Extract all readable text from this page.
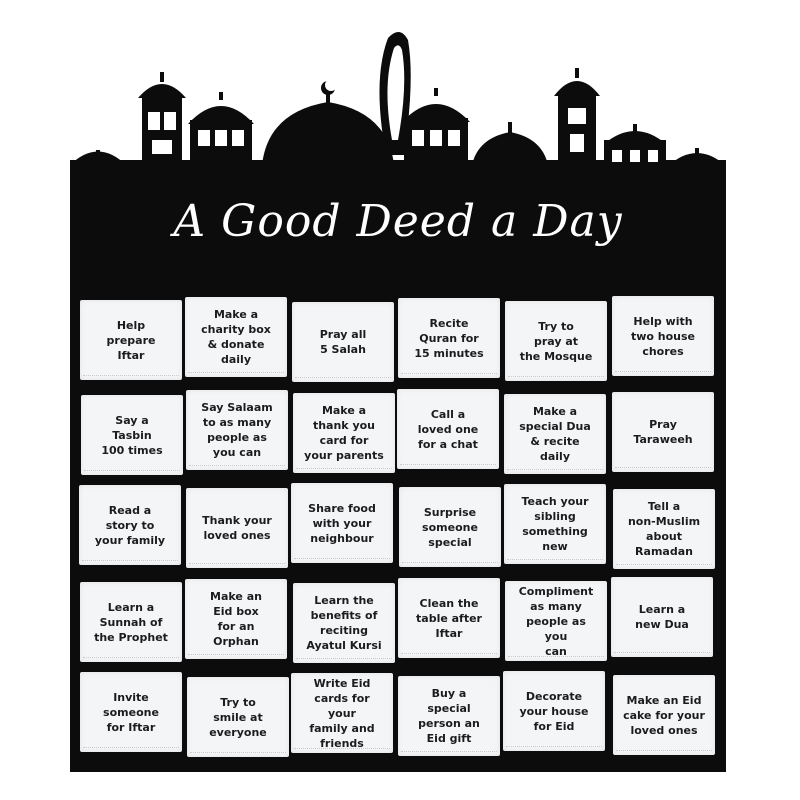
A Good Deed a Day
Help
prepare
Iftar
Make a
charity box
& donate
daily
Pray all
5 Salah
Recite
Quran for
15 minutes
Try to
pray at
the Mosque
Help with
two house
chores
Say a
Tasbin
100 times
Say Salaam
to as many
people as
you can
Make a
thank you
card for
your parents
Call a
loved one
for a chat
Make a
special Dua
& recite
daily
Pray
Taraweeh
Read a
story to
your family
Thank your
loved ones
Share food
with your
neighbour
Surprise
someone
special
Teach your
sibling
something
new
Tell a
non-Muslim
about
Ramadan
Learn a
Sunnah of
the Prophet
Make an
Eid box
for an
Orphan
Learn the
benefits of
reciting
Ayatul Kursi
Clean the
table after
Iftar
Compliment
as many
people as you
can
Learn a
new Dua
Invite
someone
for Iftar
Try to
smile at
everyone
Write Eid
cards for your
family and
friends
Buy a
special
person an
Eid gift
Decorate
your house
for Eid
Make an Eid
cake for your
loved ones
